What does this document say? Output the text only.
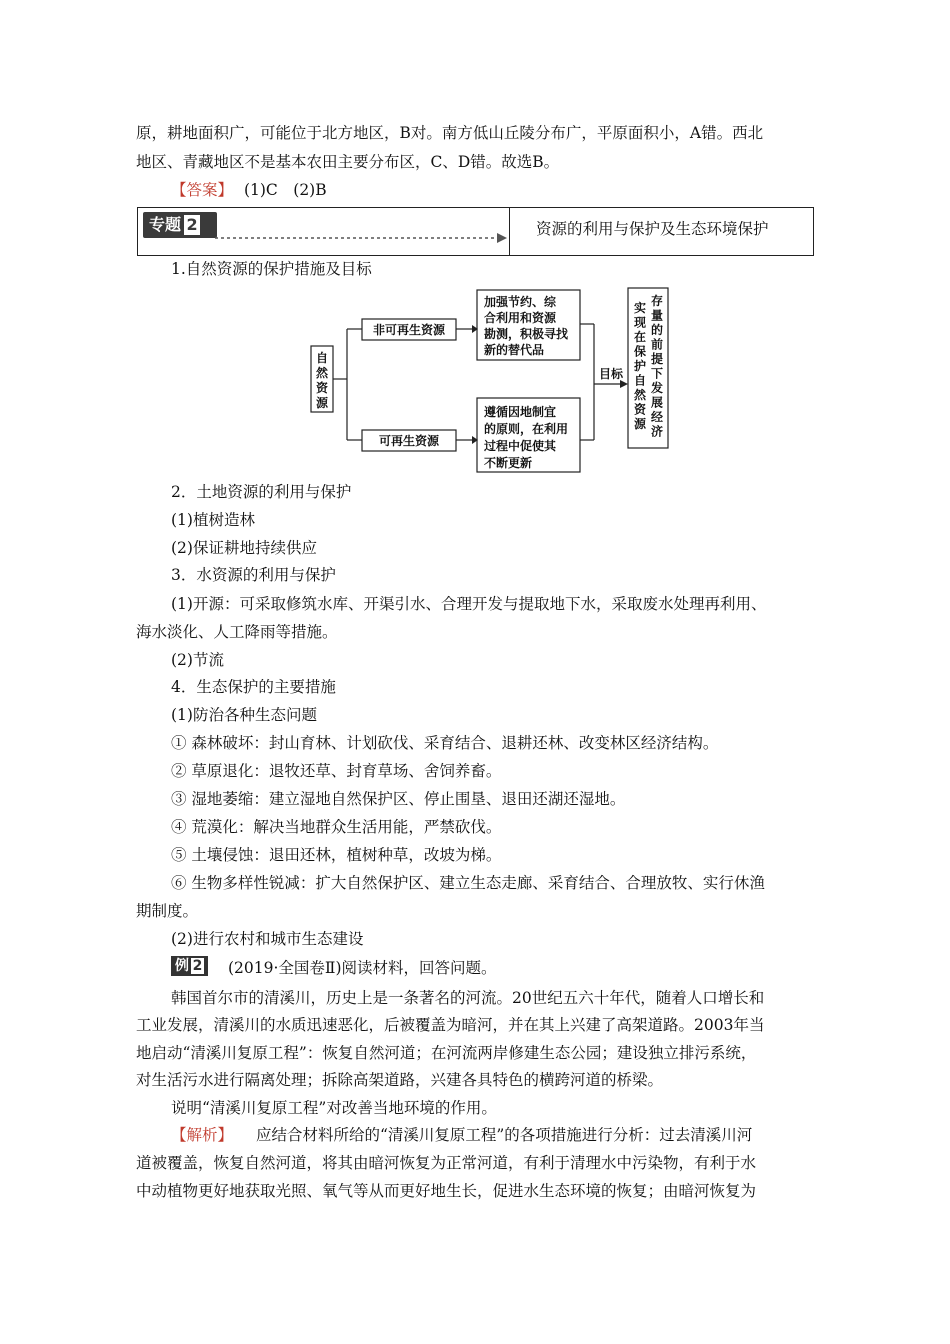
原，耕地面积广，可能位于北方地区，B对。南方低山丘陵分布广，平原面积小，A错。西北
地区、青藏地区不是基本农田主要分布区，C、D错。故选B。
1.自然资源的保护措施及目标
2．土地资源的利用与保护
(1)植树造林
(2)保证耕地持续供应
3．水资源的利用与保护
(1)开源：可采取修筑水库、开渠引水、合理开发与提取地下水，采取废水处理再利用、
海水淡化、人工降雨等措施。
(2)节流
4．生态保护的主要措施
(1)防治各种生态问题
① 森林破坏：封山育林、计划砍伐、采育结合、退耕还林、改变林区经济结构。
② 草原退化：退牧还草、封育草场、舍饲养畜。
③ 湿地萎缩：建立湿地自然保护区、停止围垦、退田还湖还湿地。
④ 荒漠化：解决当地群众生活用能，严禁砍伐。
⑤ 土壤侵蚀：退田还林，植树种草，改坡为梯。
⑥ 生物多样性锐减：扩大自然保护区、建立生态走廊、采育结合、合理放牧、实行休渔
期制度。
(2)进行农村和城市生态建设
韩国首尔市的清溪川，历史上是一条著名的河流。20世纪五六十年代，随着人口增长和
工业发展，清溪川的水质迅速恶化，后被覆盖为暗河，并在其上兴建了高架道路。2003年当
地启动“清溪川复原工程”：恢复自然河道；在河流两岸修建生态公园；建设独立排污系统，
对生活污水进行隔离处理；拆除高架道路，兴建各具特色的横跨河道的桥梁。
说明“清溪川复原工程”对改善当地环境的作用。
道被覆盖，恢复自然河道，将其由暗河恢复为正常河道，有利于清理水中污染物，有利于水
中动植物更好地获取光照、氧气等从而更好地生长，促进水生态环境的恢复；由暗河恢复为
【答案】 (1)C　(2)B
专题 2	资源的利用与保护及生态环境保护
自
然
资
源
非可再生资源
可再生资源
加强节约、综
合利用和资源
勘测，积极寻找
新的替代品
遵循因地制宜
的原则，在利用
过程中促使其
不断更新
目标
存
量
的
前
提
下
发
展
经
济
实
现
在
保
护
自
然
资
源
例 2	(2019·全国卷Ⅱ)阅读材料，回答问题。
【解析】 应结合材料所给的“清溪川复原工程”的各项措施进行分析：过去清溪川河
